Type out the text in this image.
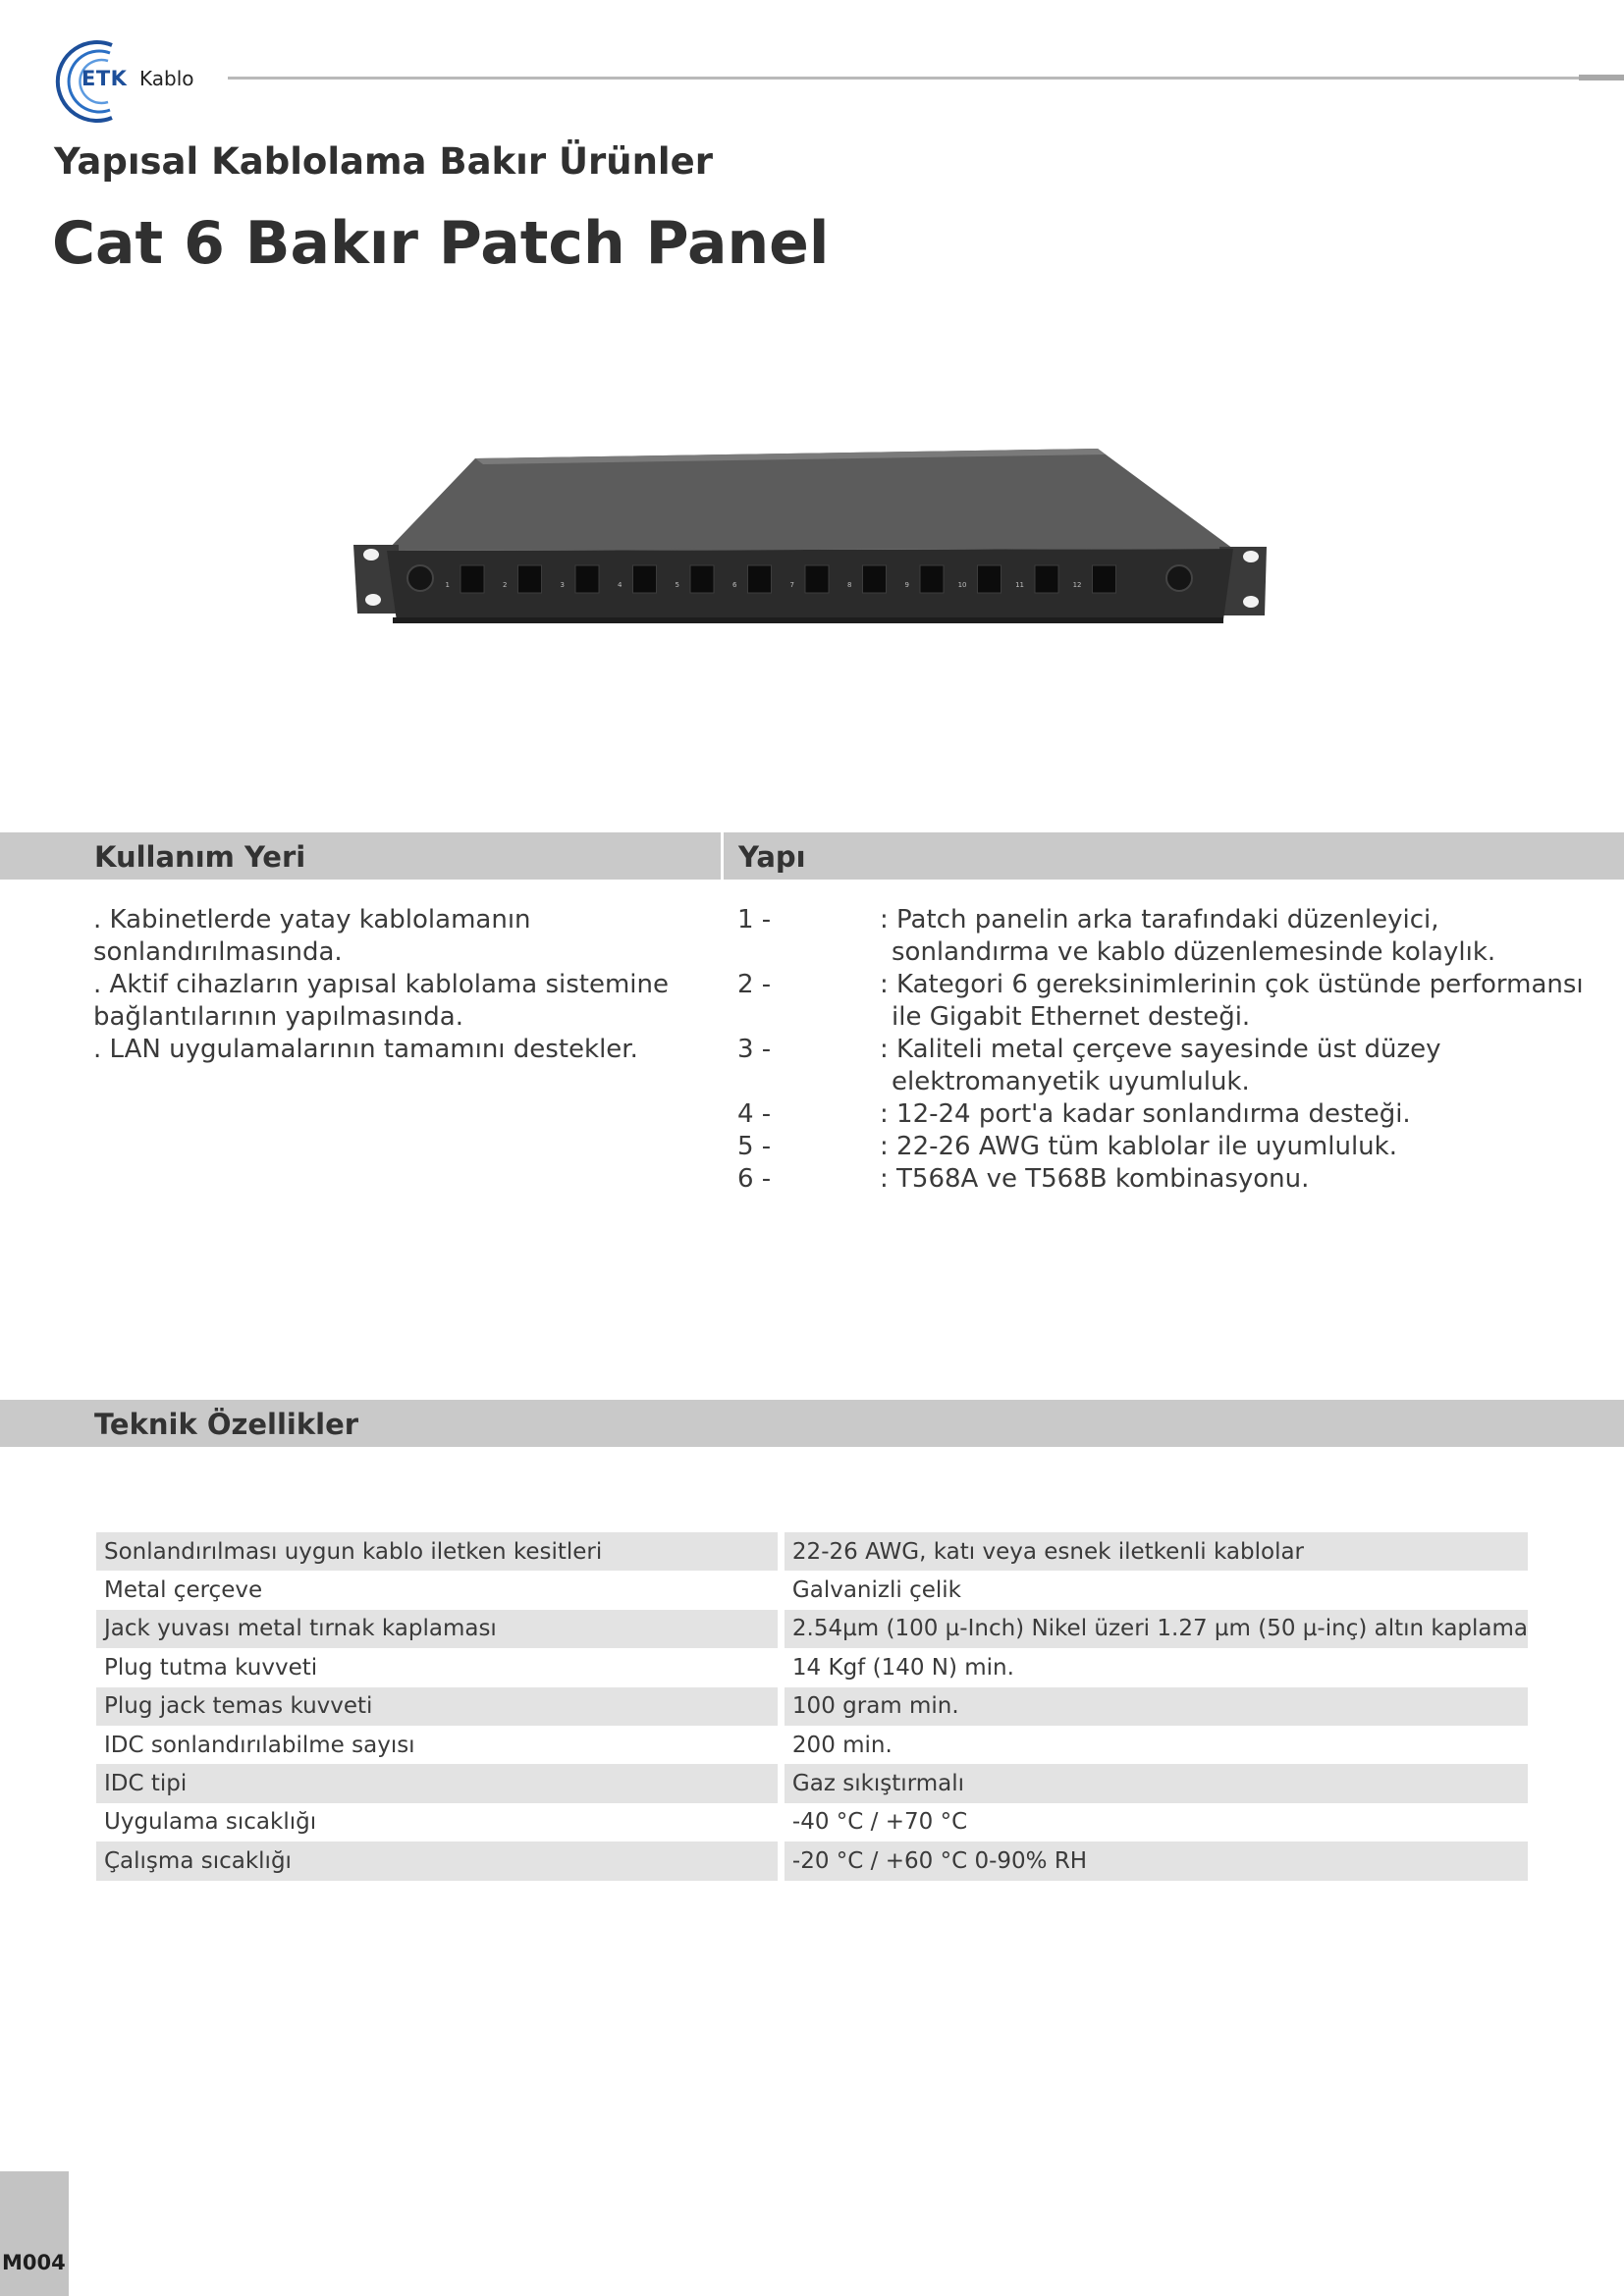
ETK Kablo
Yapısal Kablolama Bakır Ürünler
Cat 6 Bakır Patch Panel
1	2	3	4	5	6	7	8	9	10	11	12
Kullanım Yeri	Yapı

. Kabinetlerde yatay kablolamanın

sonlandırılmasında.

. Aktif cihazların yapısal kablolama sistemine

bağlantılarının yapılmasında.

. LAN uygulamalarının tamamını destekler.

1 -	: Patch panelin arka tarafındaki düzenleyici, sonlandırma ve kablo düzenlemesinde kolaylık.
2 -	: Kategori 6 gereksinimlerinin çok üstünde performansı ile Gigabit Ethernet desteği.
3 -	: Kaliteli metal çerçeve sayesinde üst düzey elektromanyetik uyumluluk.
4 -	: 12-24 port'a kadar sonlandırma desteği.
5 -	: 22-26 AWG tüm kablolar ile uyumluluk.
6 -	: T568A ve T568B kombinasyonu.
Teknik Özellikler
Sonlandırılması uygun kablo iletken kesitleri		22-26 AWG, katı veya esnek iletkenli kablolar
Metal çerçeve		Galvanizli çelik
Jack yuvası metal tırnak kaplaması		2.54µm (100 µ-Inch) Nikel üzeri 1.27 µm (50 µ-inç) altın kaplama
Plug tutma kuvveti		14 Kgf (140 N) min.
Plug jack temas kuvveti		100 gram min.
IDC sonlandırılabilme sayısı		200 min.
IDC tipi		Gaz sıkıştırmalı
Uygulama sıcaklığı		-40 °C / +70 °C
Çalışma sıcaklığı		-20 °C / +60 °C 0-90% RH
M004
